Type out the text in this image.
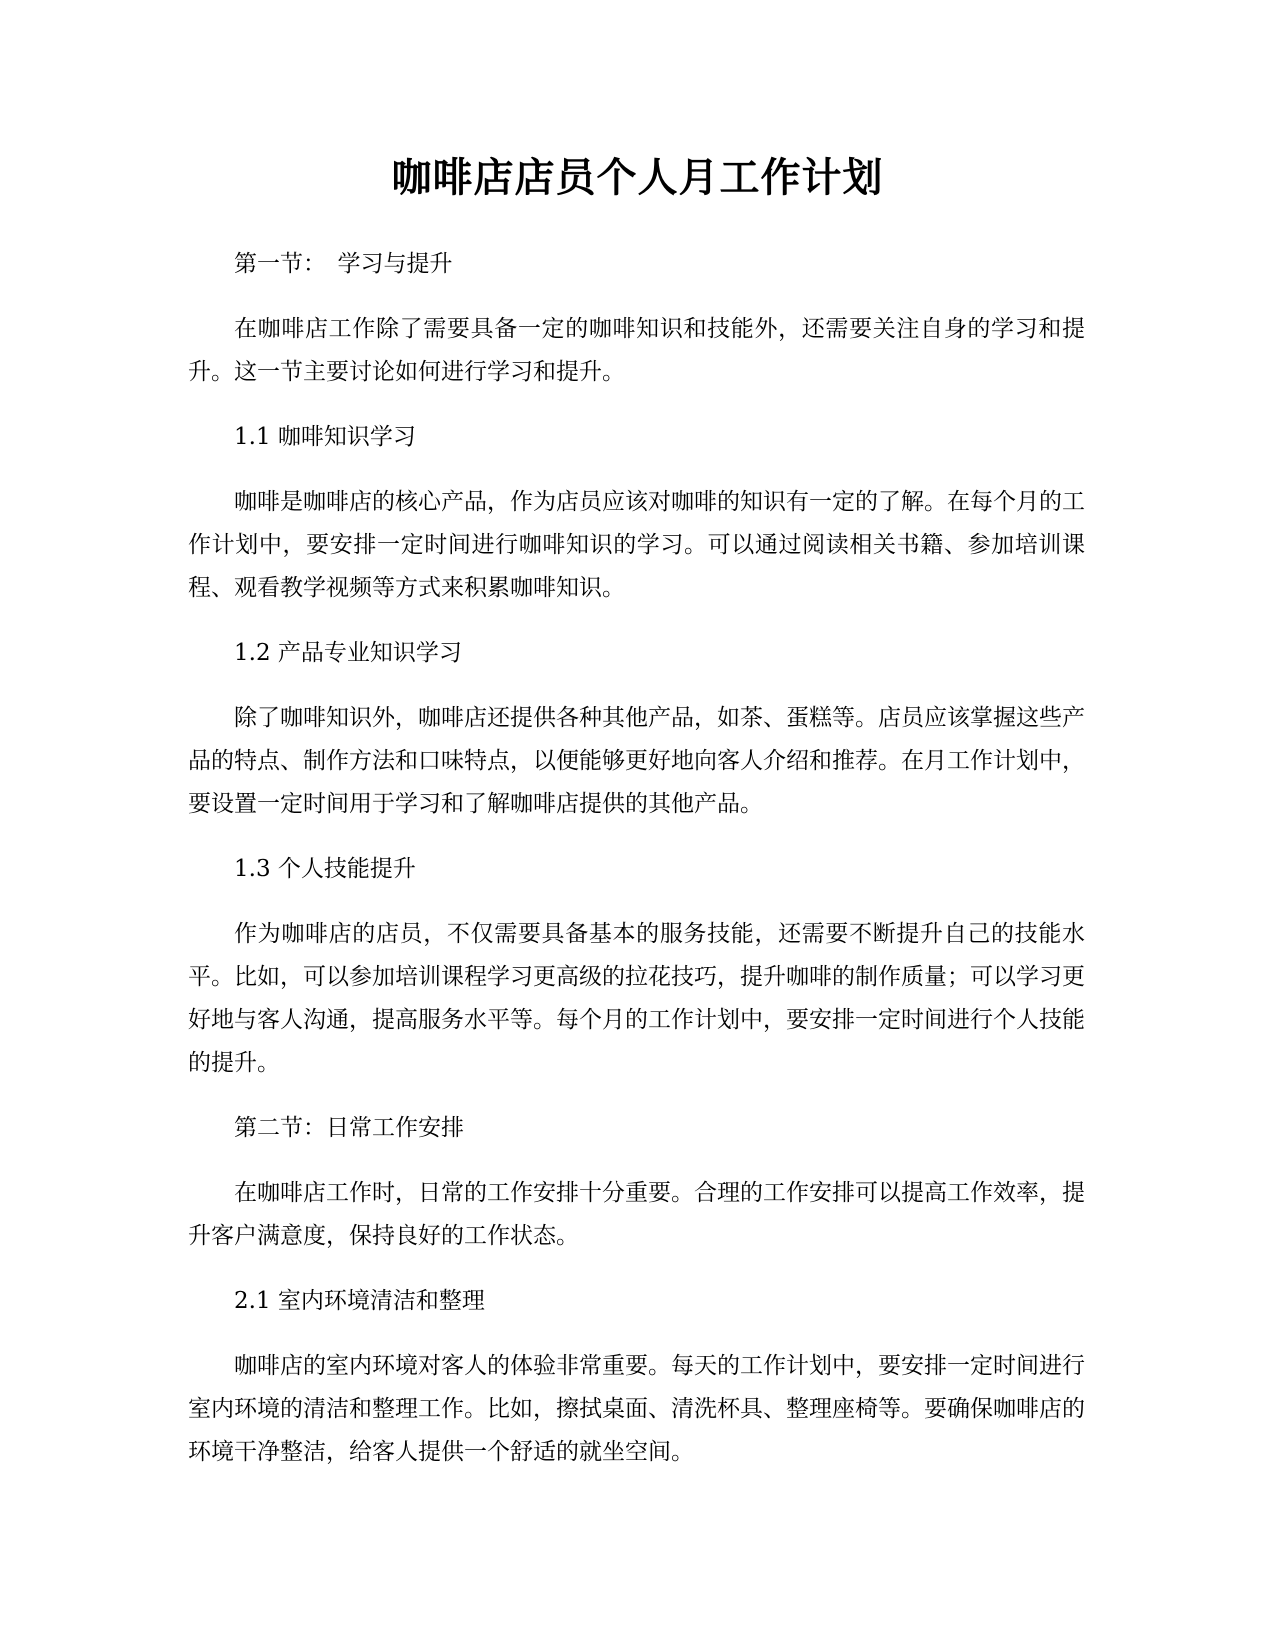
咖啡店店员个人月工作计划

第一节：　学习与提升

在咖啡店工作除了需要具备一定的咖啡知识和技能外，还需要关注自身的学习和提升。这一节主要讨论如何进行学习和提升。

1.1 咖啡知识学习

咖啡是咖啡店的核心产品，作为店员应该对咖啡的知识有一定的了解。在每个月的工作计划中，要安排一定时间进行咖啡知识的学习。可以通过阅读相关书籍、参加培训课程、观看教学视频等方式来积累咖啡知识。

1.2 产品专业知识学习

除了咖啡知识外，咖啡店还提供各种其他产品，如茶、蛋糕等。店员应该掌握这些产品的特点、制作方法和口味特点，以便能够更好地向客人介绍和推荐。在月工作计划中，要设置一定时间用于学习和了解咖啡店提供的其他产品。

1.3 个人技能提升

作为咖啡店的店员，不仅需要具备基本的服务技能，还需要不断提升自己的技能水平。比如，可以参加培训课程学习更高级的拉花技巧，提升咖啡的制作质量；可以学习更好地与客人沟通，提高服务水平等。每个月的工作计划中，要安排一定时间进行个人技能的提升。

第二节：日常工作安排

在咖啡店工作时，日常的工作安排十分重要。合理的工作安排可以提高工作效率，提升客户满意度，保持良好的工作状态。

2.1 室内环境清洁和整理

咖啡店的室内环境对客人的体验非常重要。每天的工作计划中，要安排一定时间进行室内环境的清洁和整理工作。比如，擦拭桌面、清洗杯具、整理座椅等。要确保咖啡店的环境干净整洁，给客人提供一个舒适的就坐空间。
